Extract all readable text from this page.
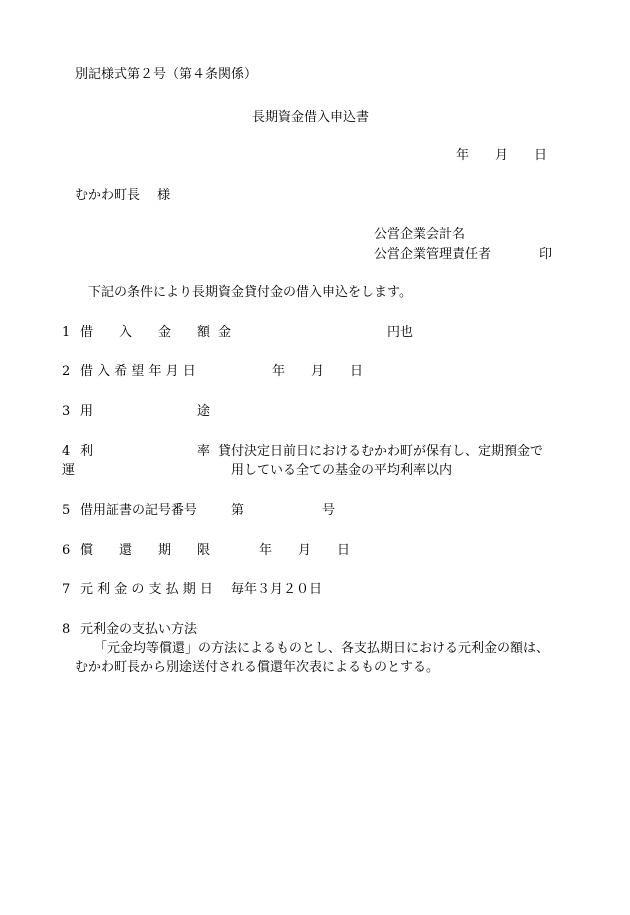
別記様式第２号（第４条関係）
長期資金借入申込書
年　　月　　日
むかわ町長　 様
公営企業会計名
公営企業管理責任者	印
下記の条件により長期資金貸付金の借入申込をします。
1 借　　入　　金　　額 金　　　　　　　　　　　　円也
2 借 入 希 望 年 月 日	年　　月　　日
3 用　　　　　　　　途
4 利　　　　　　　　率 貸付決定日前日におけるむかわ町が保有し、定期預金で
運	用している全ての基金の平均利率以内
5 借用証書の記号番号	第　　　　　　号
6 償　　還　　期　　限	年　　月　　日
7 元 利 金 の 支 払 期 日 毎年３月２０日
8 元利金の支払い方法
「元金均等償還」の方法によるものとし、各支払期日における元利金の額は、
むかわ町長から別途送付される償還年次表によるものとする。
